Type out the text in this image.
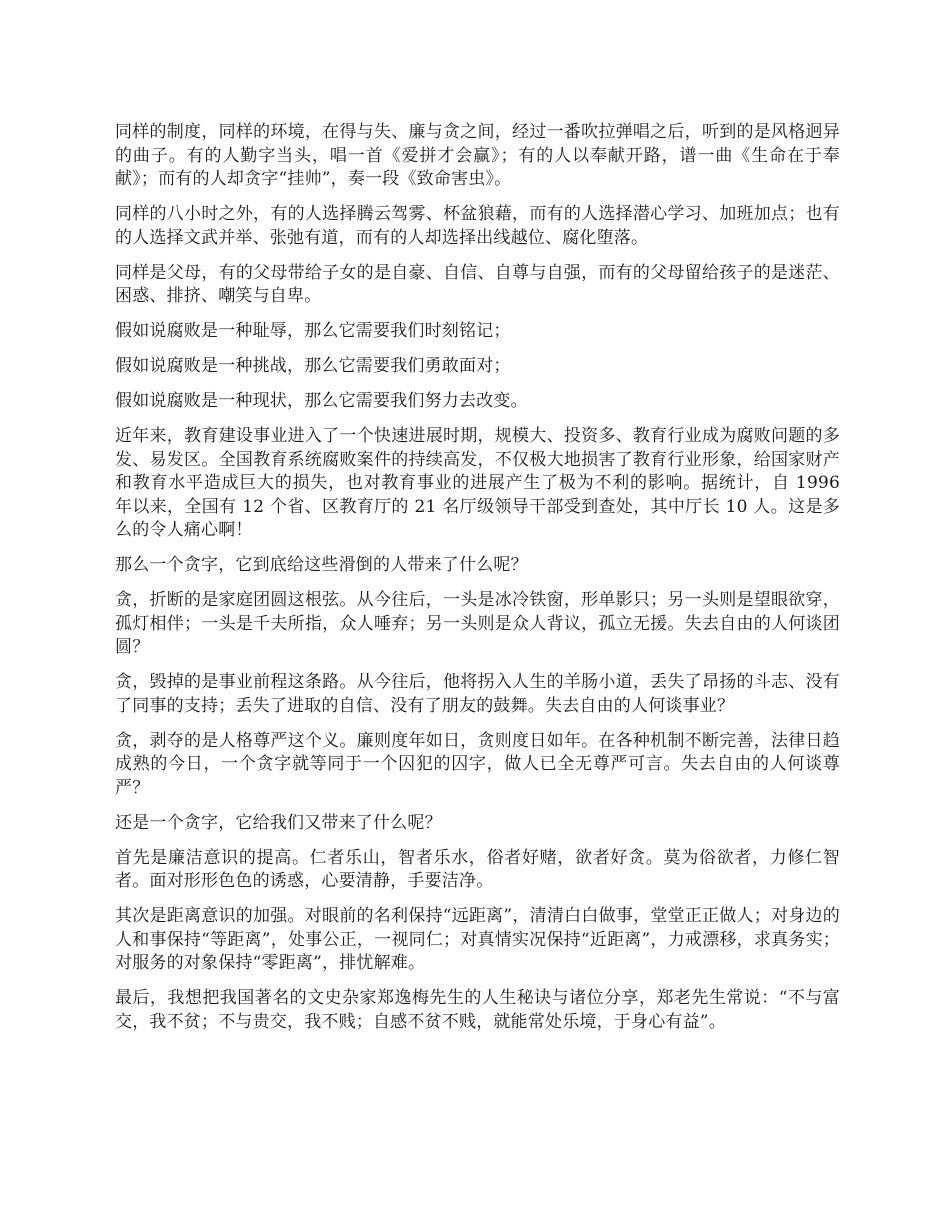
同样的制度，同样的环境，在得与失、廉与贪之间，经过一番吹拉弹唱之后，听到的是风格迥异的曲子。有的人勤字当头，唱一首《爱拼才会赢》；有的人以奉献开路，谱一曲《生命在于奉献》；而有的人却贪字“挂帅”，奏一段《致命害虫》。

同样的八小时之外，有的人选择腾云驾雾、杯盆狼藉，而有的人选择潜心学习、加班加点；也有的人选择文武并举、张弛有道，而有的人却选择出线越位、腐化堕落。

同样是父母，有的父母带给子女的是自豪、自信、自尊与自强，而有的父母留给孩子的是迷茫、困惑、排挤、嘲笑与自卑。

假如说腐败是一种耻辱，那么它需要我们时刻铭记；

假如说腐败是一种挑战，那么它需要我们勇敢面对；

假如说腐败是一种现状，那么它需要我们努力去改变。

近年来，教育建设事业进入了一个快速进展时期，规模大、投资多、教育行业成为腐败问题的多发、易发区。全国教育系统腐败案件的持续高发，不仅极大地损害了教育行业形象，给国家财产和教育水平造成巨大的损失，也对教育事业的进展产生了极为不利的影响。据统计，自 1996 年以来，全国有 12 个省、区教育厅的 21 名厅级领导干部受到查处，其中厅长 10 人。这是多么的令人痛心啊！

那么一个贪字，它到底给这些滑倒的人带来了什么呢？

贪，折断的是家庭团圆这根弦。从今往后，一头是冰冷铁窗，形单影只；另一头则是望眼欲穿，孤灯相伴；一头是千夫所指，众人唾弃；另一头则是众人背议，孤立无援。失去自由的人何谈团圆？

贪，毁掉的是事业前程这条路。从今往后，他将拐入人生的羊肠小道，丢失了昂扬的斗志、没有了同事的支持；丢失了进取的自信、没有了朋友的鼓舞。失去自由的人何谈事业？

贪，剥夺的是人格尊严这个义。廉则度年如日，贪则度日如年。在各种机制不断完善，法律日趋成熟的今日，一个贪字就等同于一个囚犯的囚字，做人已全无尊严可言。失去自由的人何谈尊严？

还是一个贪字，它给我们又带来了什么呢？

首先是廉洁意识的提高。仁者乐山，智者乐水，俗者好赌，欲者好贪。莫为俗欲者，力修仁智者。面对形形色色的诱惑，心要清静，手要洁净。

其次是距离意识的加强。对眼前的名利保持“远距离”，清清白白做事，堂堂正正做人；对身边的人和事保持“等距离”，处事公正，一视同仁；对真情实况保持“近距离”，力戒漂移，求真务实；对服务的对象保持“零距离”，排忧解难。

最后，我想把我国著名的文史杂家郑逸梅先生的人生秘诀与诸位分享，郑老先生常说：“不与富交，我不贫；不与贵交，我不贱；自感不贫不贱，就能常处乐境，于身心有益”。
